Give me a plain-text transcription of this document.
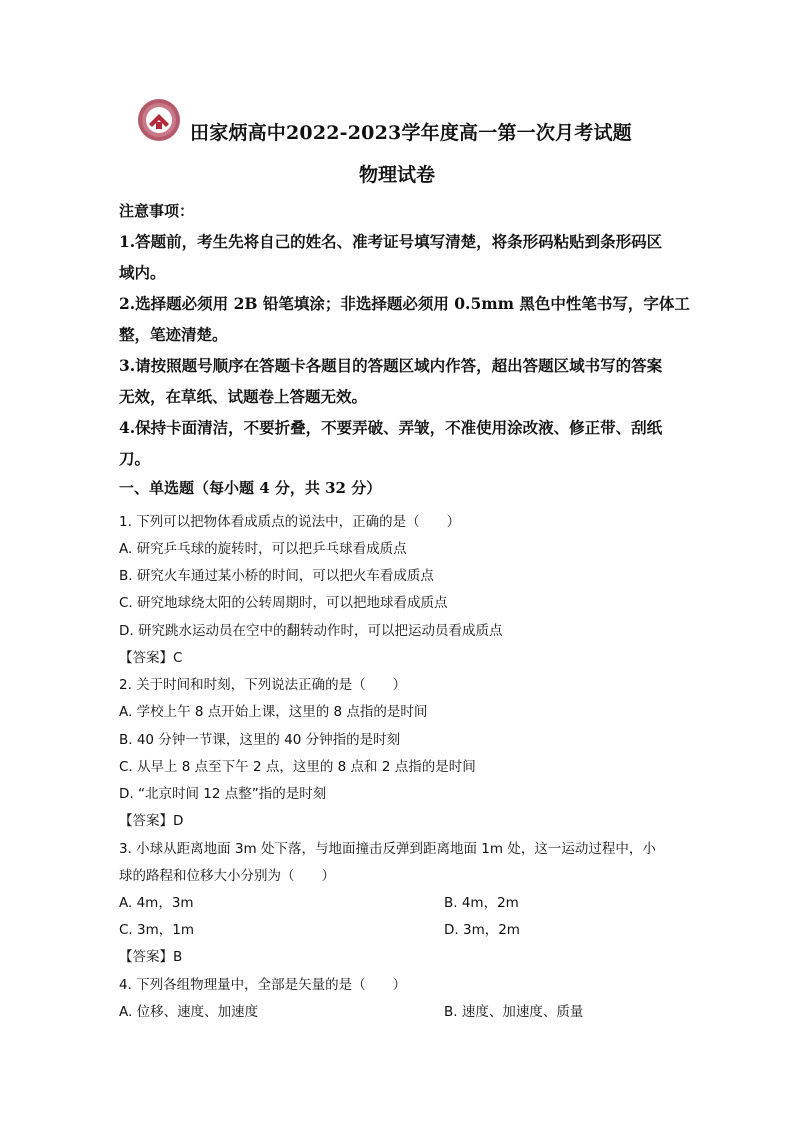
田家炳高中2022-2023学年度高一第一次月考试题
物理试卷
注意事项：
1.答题前，考生先将自己的姓名、准考证号填写清楚，将条形码粘贴到条形码区
域内。
2.选择题必须用 2B 铅笔填涂；非选择题必须用 0.5mm 黑色中性笔书写，字体工
整，笔迹清楚。
3.请按照题号顺序在答题卡各题目的答题区域内作答，超出答题区域书写的答案
无效，在草纸、试题卷上答题无效。
4.保持卡面清洁，不要折叠，不要弄破、弄皱，不准使用涂改液、修正带、刮纸
刀。
一、单选题（每小题 4 分，共 32 分）
1. 下列可以把物体看成质点的说法中，正确的是（　　）
A. 研究乒乓球的旋转时，可以把乒乓球看成质点
B. 研究火车通过某小桥的时间，可以把火车看成质点
C. 研究地球绕太阳的公转周期时，可以把地球看成质点
D. 研究跳水运动员在空中的翻转动作时，可以把运动员看成质点
【答案】C
2. 关于时间和时刻，下列说法正确的是（　　）
A. 学校上午 8 点开始上课，这里的 8 点指的是时间
B. 40 分钟一节课，这里的 40 分钟指的是时刻
C. 从早上 8 点至下午 2 点，这里的 8 点和 2 点指的是时间
D. “北京时间 12 点整”指的是时刻
【答案】D
3. 小球从距离地面 3m 处下落，与地面撞击反弹到距离地面 1m 处，这一运动过程中，小
球的路程和位移大小分别为（　　）
A. 4m，3m	B. 4m，2m
C. 3m，1m	D. 3m，2m
【答案】B
4. 下列各组物理量中，全部是矢量的是（　　）
A. 位移、速度、加速度	B. 速度、加速度、质量
